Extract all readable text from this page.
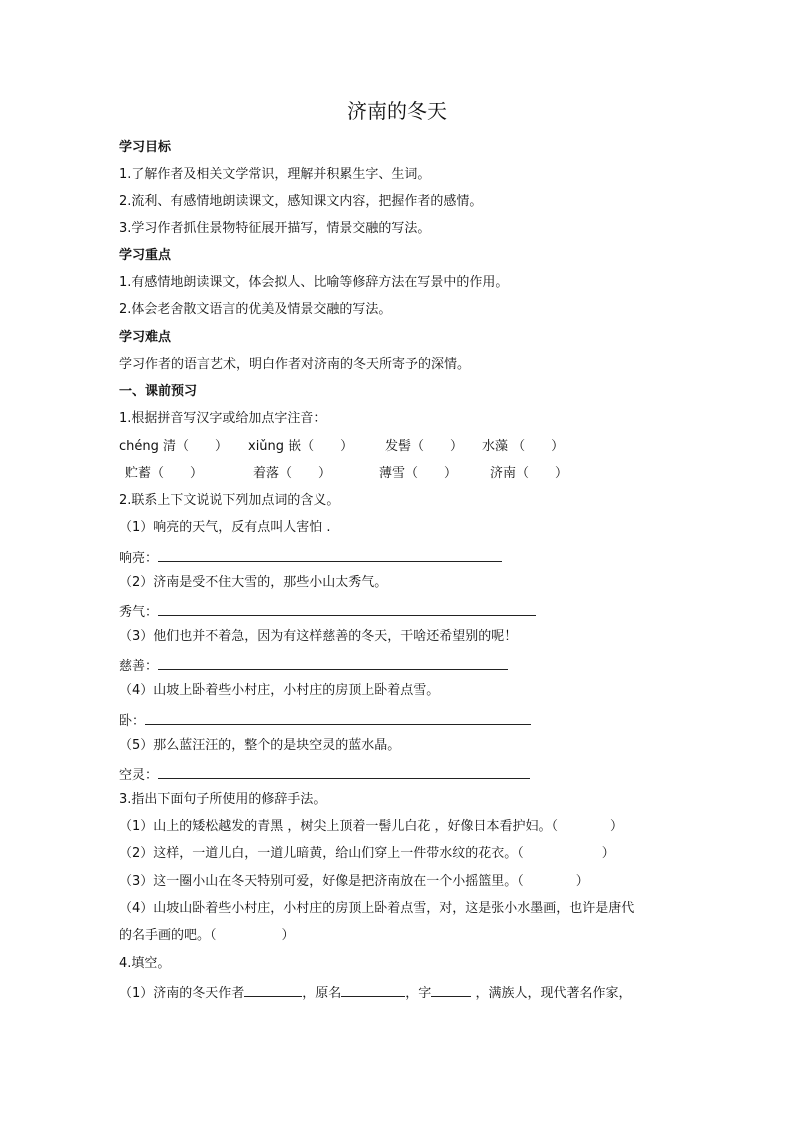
济南的冬天
学习目标
1.了解作者及相关文学常识，理解并积累生字、生词。
2.流利、有感情地朗读课文，感知课文内容，把握作者的感情。
3.学习作者抓住景物特征展开描写，情景交融的写法。
学习重点
1.有感情地朗读课文，体会拟人、比喻等修辞方法在写景中的作用。
2.体会老舍散文语言的优美及情景交融的写法。
学习难点
学习作者的语言艺术，明白作者对济南的冬天所寄予的深情。
一、课前预习
1.根据拼音写汉字或给加点字注音：
chéng 清（　　） xiǔng 嵌（　　） 发髻（　　） 水藻 （　　）
贮蓄（　　）	着落（　　）	薄雪（　　）	济南（　　）
2.联系上下文说说下列加点词的含义。
（1）响亮的天气，反有点叫人害怕 .
响亮：
（2）济南是受不住大雪的，那些小山太秀气。
秀气：
（3）他们也并不着急，因为有这样慈善的冬天，干啥还希望别的呢！
慈善：
（4）山坡上卧着些小村庄，小村庄的房顶上卧着点雪。
卧：
（5）那么蓝汪汪的，整个的是块空灵的蓝水晶。
空灵：
3.指出下面句子所使用的修辞手法。
（1）山上的矮松越发的青黑 ，树尖上顶着一髻儿白花 ，好像日本看护妇。（　　　　）
（2）这样，一道儿白，一道儿暗黄，给山们穿上一件带水纹的花衣。（　　　　　　）
（3）这一圈小山在冬天特别可爱，好像是把济南放在一个小摇篮里。（　　　　）
（4）山坡山卧着些小村庄，小村庄的房顶上卧着点雪，对，这是张小水墨画，也许是唐代
的名手画的吧。（　　　　　）
4.填空。
（1）济南的冬天作者	，原名	，字	，满族人，现代著名作家，
